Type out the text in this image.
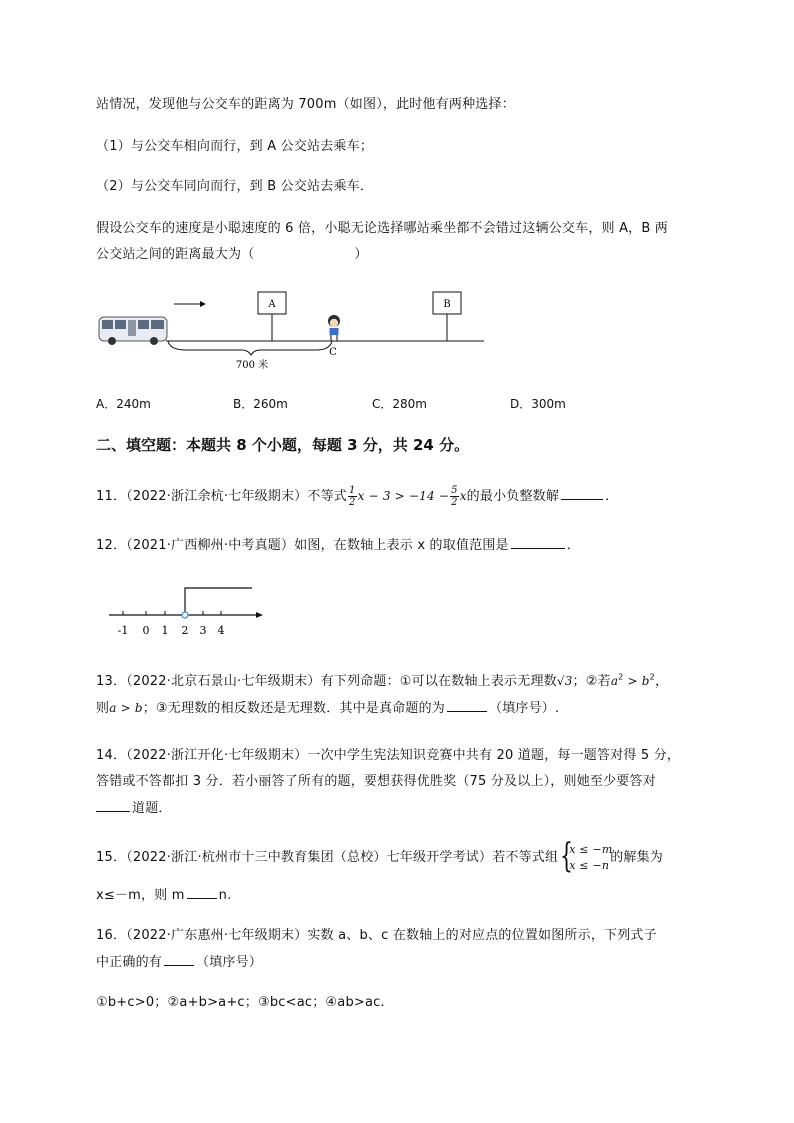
站情况，发现他与公交车的距离为 700m（如图），此时他有两种选择：
（1）与公交车相向而行，到 A 公交站去乘车；
（2）与公交车同向而行，到 B 公交站去乘车．
假设公交车的速度是小聪速度的 6 倍，小聪无论选择哪站乘坐都不会错过这辆公交车，则 A，B 两
公交站之间的距离最大为（	）
A	B
C
700 米
A．240m	B．260m	C．280m	D．300m
二、填空题：本题共 8 个小题，每题 3 分，共 24 分。
11．（2022·浙江余杭·七年级期末）不等式 $\frac{1}{2}$ $x - 3 > -14 - \frac{5}{2}$ x的最小负整数解	．
12．（2021·广西柳州·中考真题）如图，在数轴上表示 x 的取值范围是	．
-1 0 1 2 3 4
13．（2022·北京石景山·七年级期末）有下列命题：①可以在数轴上表示无理数√3；②若$a^2 > b^2$，
则a > b；③无理数的相反数还是无理数．其中是真命题的为	（填序号）.
14．（2022·浙江开化·七年级期末）一次中学生宪法知识竞赛中共有 20 道题，每一题答对得 5 分，
答错或不答都扣 3 分．若小丽答了所有的题，要想获得优胜奖（75 分及以上），则她至少要答对
道题．
15．（2022·浙江·杭州市十三中教育集团（总校）七年级开学考试）若不等式组 {
x ≤ −m
x ≤ −n 的解集为
x≤－m，则 m	n.
16．（2022·广东惠州·七年级期末）实数 a、b、c 在数轴上的对应点的位置如图所示，下列式子
中正确的有	（填序号）
①b+c>0；②a+b>a+c；③bc<ac；④ab>ac.
